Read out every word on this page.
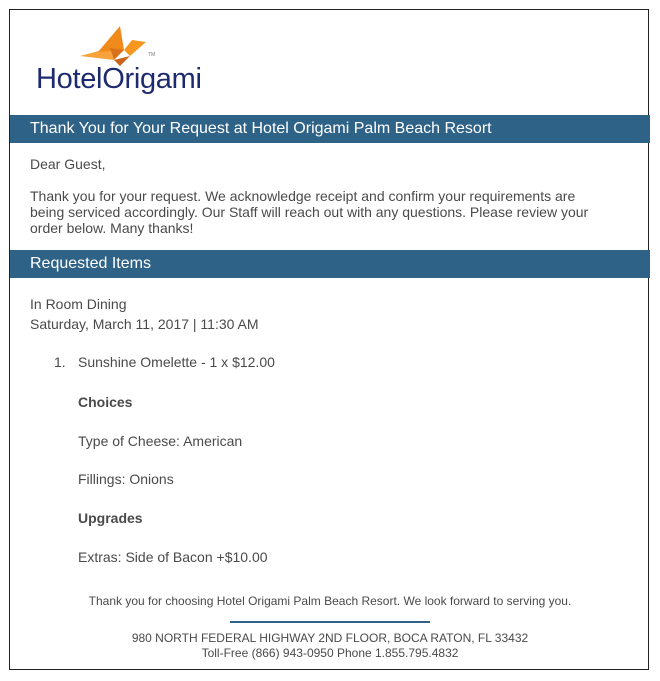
TM
HotelOrigami
Thank You for Your Request at Hotel Origami Palm Beach Resort
Dear Guest,
Thank you for your request. We acknowledge receipt and confirm your requirements are being serviced accordingly. Our Staff will reach out with any questions. Please review your order below. Many thanks!
Requested Items
In Room Dining
Saturday, March 11, 2017 | 11:30 AM
1. Sunshine Omelette - 1 x $12.00
Choices
Type of Cheese: American
Fillings: Onions
Upgrades
Extras: Side of Bacon +$10.00
Thank you for choosing Hotel Origami Palm Beach Resort. We look forward to serving you.
980 NORTH FEDERAL HIGHWAY 2ND FLOOR, BOCA RATON, FL 33432
Toll-Free (866) 943-0950 Phone 1.855.795.4832
